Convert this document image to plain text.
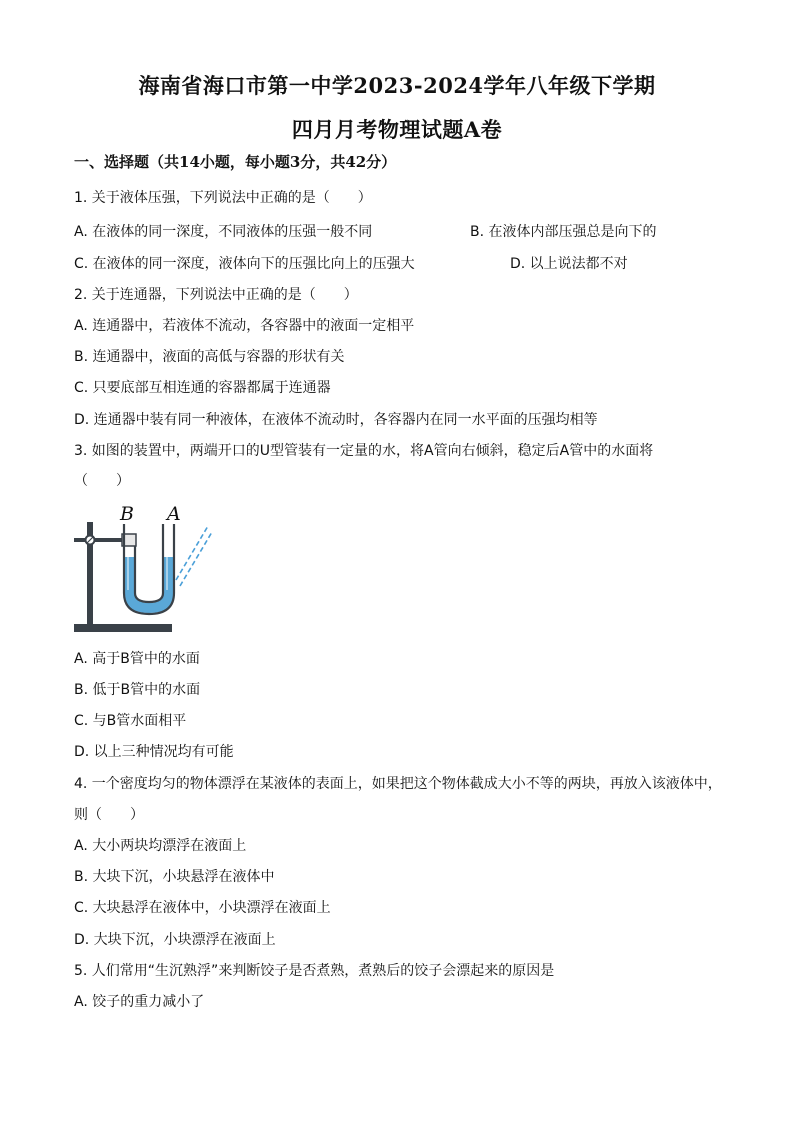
海南省海口市第一中学2023-2024学年八年级下学期
四月月考物理试题A卷
一、选择题（共14小题，每小题3分，共42分）
1. 关于液体压强，下列说法中正确的是（　　）
A. 在液体的同一深度，不同液体的压强一般不同	B. 在液体内部压强总是向下的
C. 在液体的同一深度，液体向下的压强比向上的压强大	D. 以上说法都不对
2. 关于连通器，下列说法中正确的是（　　）
A. 连通器中，若液体不流动，各容器中的液面一定相平
B. 连通器中，液面的高低与容器的形状有关
C. 只要底部互相连通的容器都属于连通器
D. 连通器中装有同一种液体，在液体不流动时，各容器内在同一水平面的压强均相等
3. 如图的装置中，两端开口的U型管装有一定量的水，将A管向右倾斜，稳定后A管中的水面将
（　　）
B A
A. 高于B管中的水面
B. 低于B管中的水面
C. 与B管水面相平
D. 以上三种情况均有可能
4. 一个密度均匀的物体漂浮在某液体的表面上，如果把这个物体截成大小不等的两块，再放入该液体中，
则（　　）
A. 大小两块均漂浮在液面上
B. 大块下沉，小块悬浮在液体中
C. 大块悬浮在液体中，小块漂浮在液面上
D. 大块下沉，小块漂浮在液面上
5. 人们常用“生沉熟浮”来判断饺子是否煮熟，煮熟后的饺子会漂起来的原因是
A. 饺子的重力减小了
